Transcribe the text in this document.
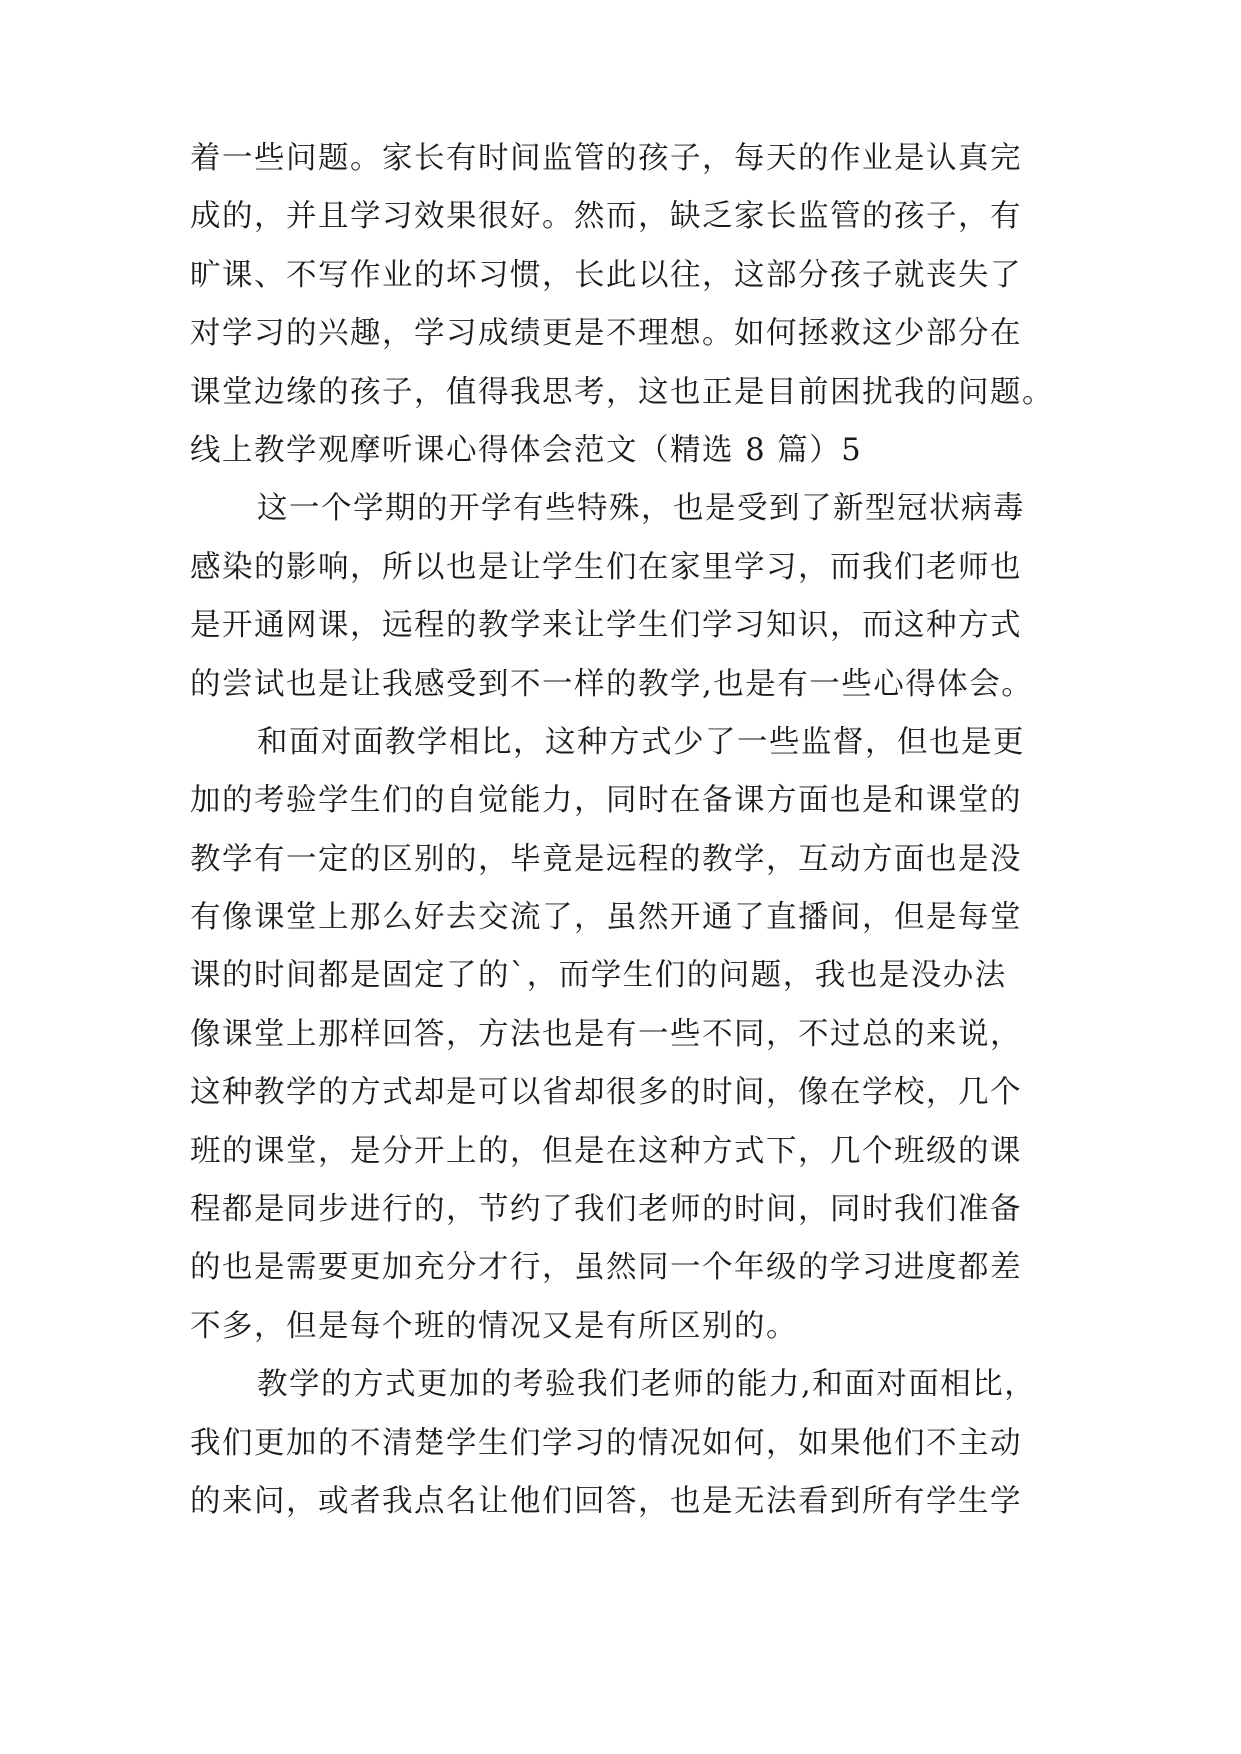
着一些问题。家长有时间监管的孩子，每天的作业是认真完
成的，并且学习效果很好。然而，缺乏家长监管的孩子，有
旷课、不写作业的坏习惯，长此以往，这部分孩子就丧失了
对学习的兴趣，学习成绩更是不理想。如何拯救这少部分在
课堂边缘的孩子，值得我思考，这也正是目前困扰我的问题。
线上教学观摩听课心得体会范文（精选 8 篇）5
这一个学期的开学有些特殊，也是受到了新型冠状病毒
感染的影响，所以也是让学生们在家里学习，而我们老师也
是开通网课，远程的教学来让学生们学习知识，而这种方式
的尝试也是让我感受到不一样的教学,也是有一些心得体会。
和面对面教学相比，这种方式少了一些监督，但也是更
加的考验学生们的自觉能力，同时在备课方面也是和课堂的
教学有一定的区别的，毕竟是远程的教学，互动方面也是没
有像课堂上那么好去交流了，虽然开通了直播间，但是每堂
课的时间都是固定了的`，而学生们的问题，我也是没办法
像课堂上那样回答，方法也是有一些不同，不过总的来说，
这种教学的方式却是可以省却很多的时间，像在学校，几个
班的课堂，是分开上的，但是在这种方式下，几个班级的课
程都是同步进行的，节约了我们老师的时间，同时我们准备
的也是需要更加充分才行，虽然同一个年级的学习进度都差
不多，但是每个班的情况又是有所区别的。
教学的方式更加的考验我们老师的能力,和面对面相比，
我们更加的不清楚学生们学习的情况如何，如果他们不主动
的来问，或者我点名让他们回答，也是无法看到所有学生学
